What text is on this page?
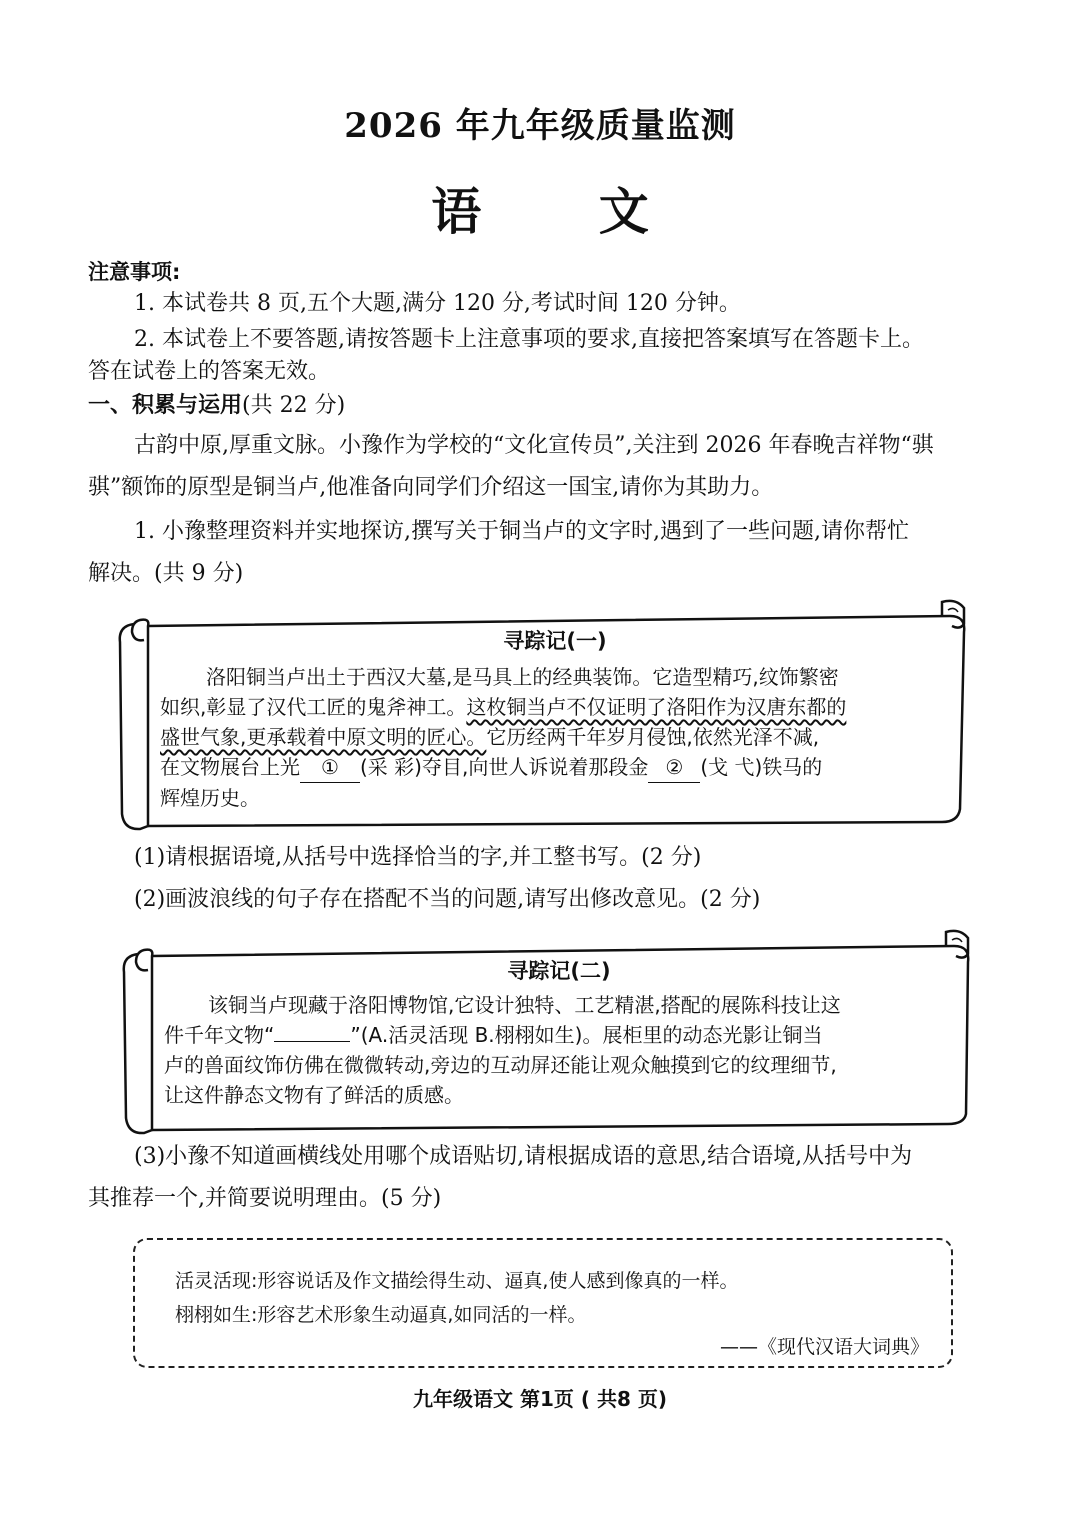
2026 年九年级质量监测
语 文
注意事项:
1. 本试卷共 8 页,五个大题,满分 120 分,考试时间 120 分钟。
2. 本试卷上不要答题,请按答题卡上注意事项的要求,直接把答案填写在答题卡上。
答在试卷上的答案无效。
一、积累与运用(共 22 分)
古韵中原,厚重文脉。小豫作为学校的“文化宣传员”,关注到 2026 年春晚吉祥物“骐
骐”额饰的原型是铜当卢,他准备向同学们介绍这一国宝,请你为其助力。
1. 小豫整理资料并实地探访,撰写关于铜当卢的文字时,遇到了一些问题,请你帮忙
解决。(共 9 分)
寻踪记(一)
洛阳铜当卢出土于西汉大墓,是马具上的经典装饰。它造型精巧,纹饰繁密
如织,彰显了汉代工匠的鬼斧神工。这枚铜当卢不仅证明了洛阳作为汉唐东都的
盛世气象,更承载着中原文明的匠心。它历经两千年岁月侵蚀,依然光泽不减,
在文物展台上光 ① (采 彩)夺目,向世人诉说着那段金 ② (戈 弋)铁马的
辉煌历史。
(1)请根据语境,从括号中选择恰当的字,并工整书写。(2 分)
(2)画波浪线的句子存在搭配不当的问题,请写出修改意见。(2 分)
寻踪记(二)
该铜当卢现藏于洛阳博物馆,它设计独特、工艺精湛,搭配的展陈科技让这
件千年文物“	”(A.活灵活现 B.栩栩如生)。展柜里的动态光影让铜当
卢的兽面纹饰仿佛在微微转动,旁边的互动屏还能让观众触摸到它的纹理细节,
让这件静态文物有了鲜活的质感。
(3)小豫不知道画横线处用哪个成语贴切,请根据成语的意思,结合语境,从括号中为
其推荐一个,并简要说明理由。(5 分)
活灵活现:形容说话及作文描绘得生动、逼真,使人感到像真的一样。
栩栩如生:形容艺术形象生动逼真,如同活的一样。
——《现代汉语大词典》
九年级语文 第1页 ( 共8 页)
